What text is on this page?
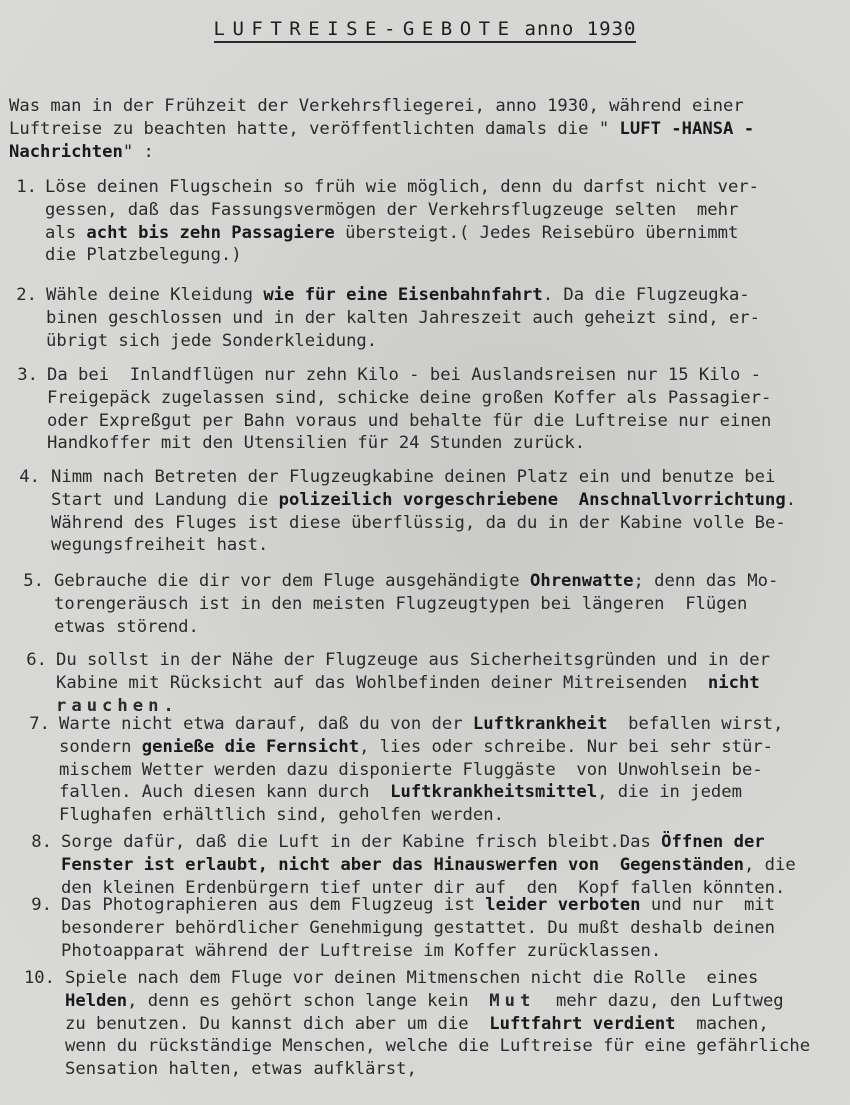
LUFTREISE-GEBOTE anno 1930
Was man in der Frühzeit der Verkehrsfliegerei, anno 1930, während einer
Luftreise zu beachten hatte, veröffentlichten damals die " LUFT -HANSA -
Nachrichten" :

1.

Löse deinen Flugschein so früh wie möglich, denn du darfst nicht ver-
gessen, daß das Fassungsvermögen der Verkehrsflugzeuge selten  mehr
als acht bis zehn Passagiere übersteigt.( Jedes Reisebüro übernimmt
die Platzbelegung.)

2.

Wähle deine Kleidung wie für eine Eisenbahnfahrt. Da die Flugzeugka-
binen geschlossen und in der kalten Jahreszeit auch geheizt sind, er-
übrigt sich jede Sonderkleidung.

3.

Da bei  Inlandflügen nur zehn Kilo - bei Auslandsreisen nur 15 Kilo -
Freigepäck zugelassen sind, schicke deine großen Koffer als Passagier-
oder Expreßgut per Bahn voraus und behalte für die Luftreise nur einen
Handkoffer mit den Utensilien für 24 Stunden zurück.

4.

Nimm nach Betreten der Flugzeugkabine deinen Platz ein und benutze bei
Start und Landung die polizeilich vorgeschriebene  Anschnallvorrichtung.
Während des Fluges ist diese überflüssig, da du in der Kabine volle Be-
wegungsfreiheit hast.

5.

Gebrauche die dir vor dem Fluge ausgehändigte Ohrenwatte; denn das Mo-
torengeräusch ist in den meisten Flugzeugtypen bei längeren  Flügen
etwas störend.

6.

Du sollst in der Nähe der Flugzeuge aus Sicherheitsgründen und in der
Kabine mit Rücksicht auf das Wohlbefinden deiner Mitreisenden  nicht
rauchen.

7.

Warte nicht etwa darauf, daß du von der Luftkrankheit  befallen wirst,
sondern genieße die Fernsicht, lies oder schreibe. Nur bei sehr stür-
mischem Wetter werden dazu disponierte Fluggäste  von Unwohlsein be-
fallen. Auch diesen kann durch  Luftkrankheitsmittel, die in jedem
Flughafen erhältlich sind, geholfen werden.

8.

Sorge dafür, daß die Luft in der Kabine frisch bleibt.Das Öffnen der
Fenster ist erlaubt, nicht aber das Hinauswerfen von  Gegenständen, die
den kleinen Erdenbürgern tief unter dir auf  den  Kopf fallen könnten.

9.

Das Photographieren aus dem Flugzeug ist leider verboten und nur  mit
besonderer behördlicher Genehmigung gestattet. Du mußt deshalb deinen
Photoapparat während der Luftreise im Koffer zurücklassen.

10.

Spiele nach dem Fluge vor deinen Mitmenschen nicht die Rolle  eines
Helden, denn es gehört schon lange kein  Mut  mehr dazu, den Luftweg
zu benutzen. Du kannst dich aber um die  Luftfahrt verdient  machen,
wenn du rückständige Menschen, welche die Luftreise für eine gefährliche
Sensation halten, etwas aufklärst,
